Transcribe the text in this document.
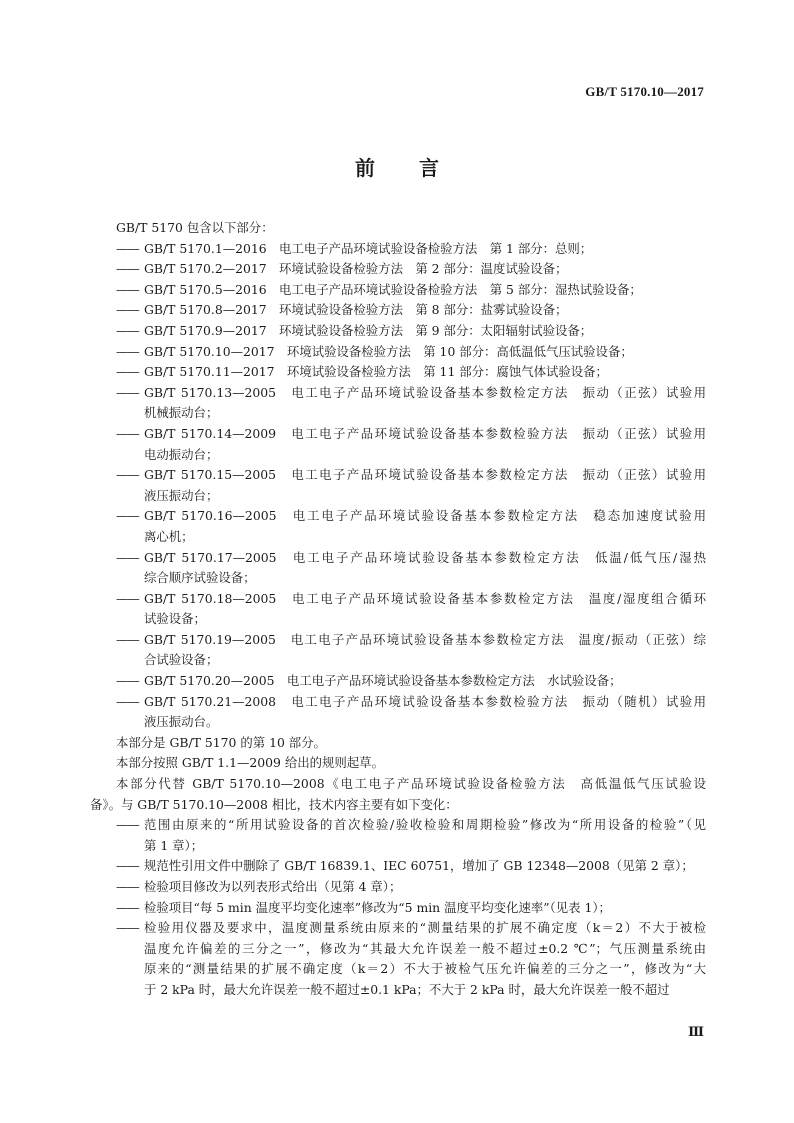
GB/T 5170.10—2017
前言
GB/T 5170 包含以下部分：
—— GB/T 5170.1—2016　电工电子产品环境试验设备检验方法　第 1 部分：总则；
—— GB/T 5170.2—2017　环境试验设备检验方法　第 2 部分：温度试验设备；
—— GB/T 5170.5—2016　电工电子产品环境试验设备检验方法　第 5 部分：湿热试验设备；
—— GB/T 5170.8—2017　环境试验设备检验方法　第 8 部分：盐雾试验设备；
—— GB/T 5170.9—2017　环境试验设备检验方法　第 9 部分：太阳辐射试验设备；
—— GB/T 5170.10—2017　环境试验设备检验方法　第 10 部分：高低温低气压试验设备；
—— GB/T 5170.11—2017　环境试验设备检验方法　第 11 部分：腐蚀气体试验设备；
—— GB/T 5170.13—2005　电工电子产品环境试验设备基本参数检定方法　振动（正弦）试验用
机械振动台；
—— GB/T 5170.14—2009　电工电子产品环境试验设备基本参数检验方法　振动（正弦）试验用
电动振动台；
—— GB/T 5170.15—2005　电工电子产品环境试验设备基本参数检定方法　振动（正弦）试验用
液压振动台；
—— GB/T 5170.16—2005　电工电子产品环境试验设备基本参数检定方法　稳态加速度试验用
离心机；
—— GB/T 5170.17—2005　电工电子产品环境试验设备基本参数检定方法　低温/低气压/湿热
综合顺序试验设备；
—— GB/T 5170.18—2005　电工电子产品环境试验设备基本参数检定方法　温度/湿度组合循环
试验设备；
—— GB/T 5170.19—2005　电工电子产品环境试验设备基本参数检定方法　温度/振动（正弦）综
合试验设备；
—— GB/T 5170.20—2005　电工电子产品环境试验设备基本参数检定方法　水试验设备；
—— GB/T 5170.21—2008　电工电子产品环境试验设备基本参数检验方法　振动（随机）试验用
液压振动台。
本部分是 GB/T 5170 的第 10 部分。
本部分按照 GB/T 1.1—2009 给出的规则起草。
本部分代替 GB/T 5170.10—2008《电工电子产品环境试验设备检验方法　高低温低气压试验设
备》。与 GB/T 5170.10—2008 相比，技术内容主要有如下变化：
—— 范围由原来的“所用试验设备的首次检验/验收检验和周期检验”修改为“所用设备的检验”（见
第 1 章）；
—— 规范性引用文件中删除了 GB/T 16839.1、IEC 60751，增加了 GB 12348—2008（见第 2 章）；
—— 检验项目修改为以列表形式给出（见第 4 章）；
—— 检验项目“每 5 min 温度平均变化速率”修改为“5 min 温度平均变化速率”（见表 1）；
—— 检验用仪器及要求中，温度测量系统由原来的“测量结果的扩展不确定度（k＝2）不大于被检
温度允许偏差的三分之一”，修改为“其最大允许误差一般不超过±0.2 ℃”；气压测量系统由
原来的“测量结果的扩展不确定度（k＝2）不大于被检气压允许偏差的三分之一”，修改为“大
于 2 kPa 时，最大允许误差一般不超过±0.1 kPa；不大于 2 kPa 时，最大允许误差一般不超过
Ⅲ
